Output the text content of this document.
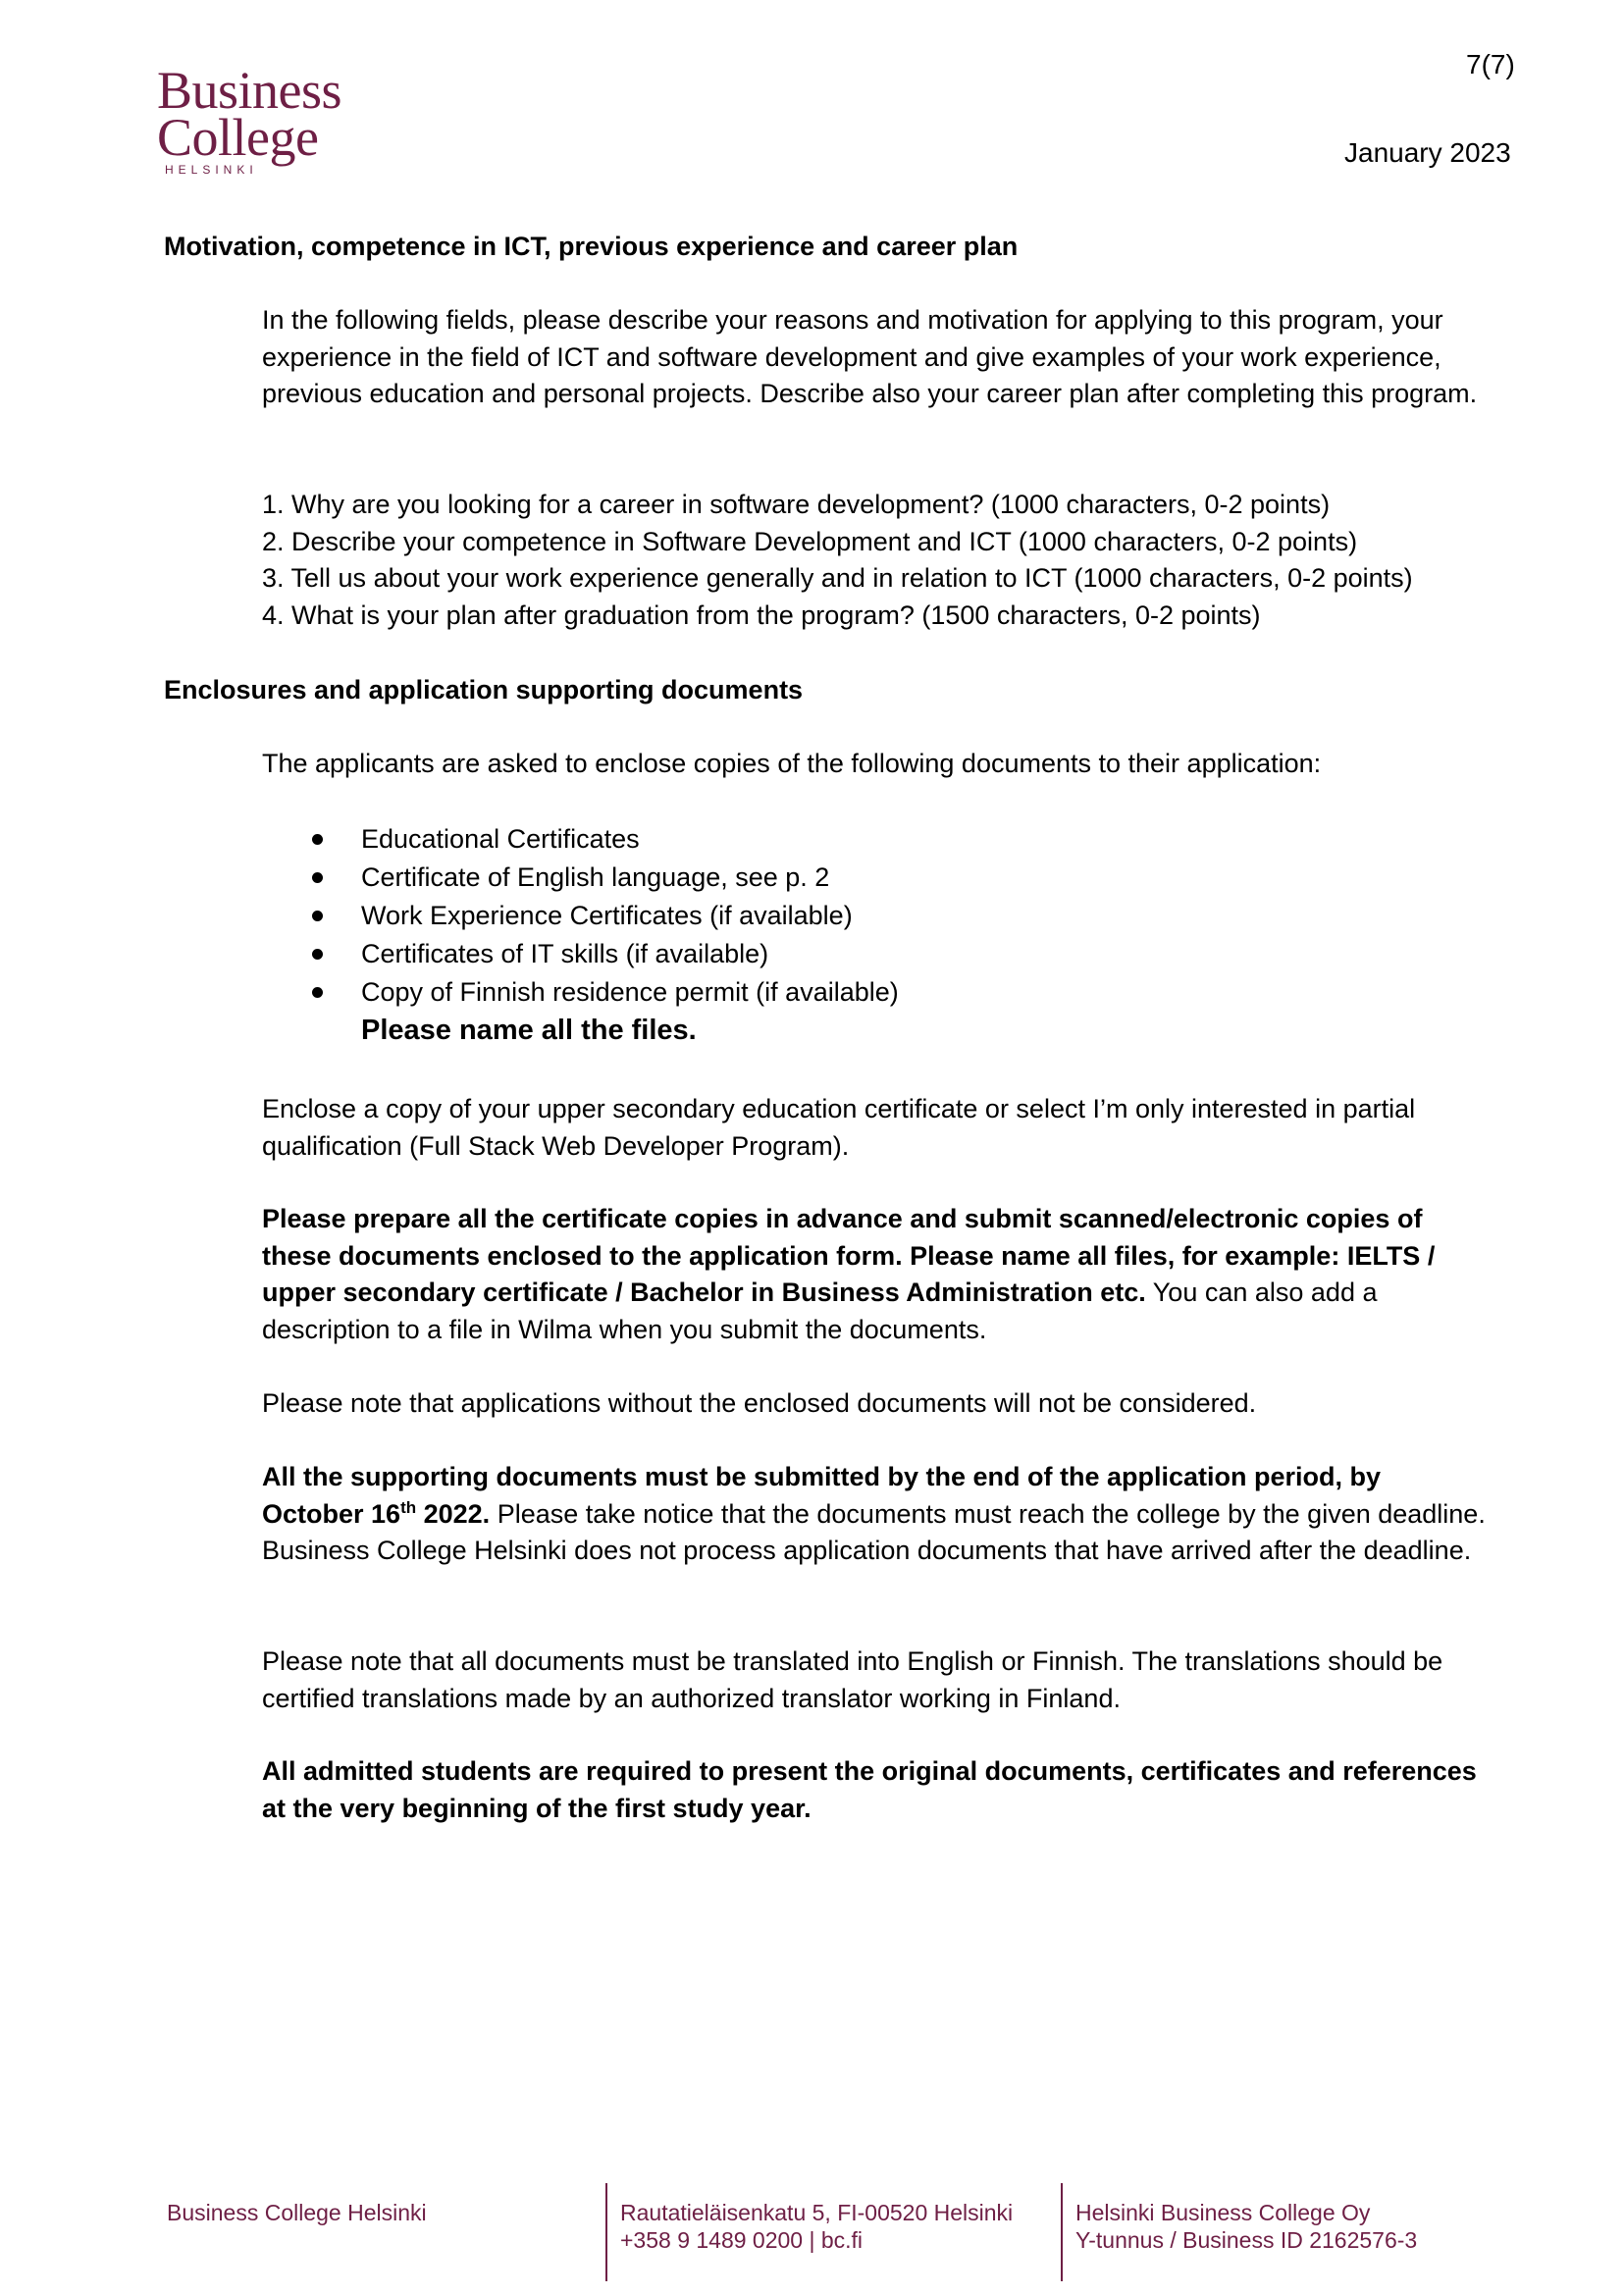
Business
College
HELSINKI
7(7)
January 2023
Motivation, competence in ICT, previous experience and career plan
In the following fields, please describe your reasons and motivation for applying to this program, your experience in the field of ICT and software development and give examples of your work experience, previous education and personal projects. Describe also your career plan after completing this program.
1. Why are you looking for a career in software development? (1000 characters, 0-2 points)
2. Describe your competence in Software Development and ICT (1000 characters, 0-2 points)
3. Tell us about your work experience generally and in relation to ICT (1000 characters, 0-2 points)
4. What is your plan after graduation from the program? (1500 characters, 0-2 points)
Enclosures and application supporting documents
The applicants are asked to enclose copies of the following documents to their application:
Educational Certificates
Certificate of English language, see p. 2
Work Experience Certificates (if available)
Certificates of IT skills (if available)
Copy of Finnish residence permit (if available)
Please name all the files.
Enclose a copy of your upper secondary education certificate or select I’m only interested in partial qualification (Full Stack Web Developer Program).
Please prepare all the certificate copies in advance and submit scanned/electronic copies of these documents enclosed to the application form. Please name all files, for example: IELTS / upper secondary certificate / Bachelor in Business Administration etc. You can also add a description to a file in Wilma when you submit the documents.
Please note that applications without the enclosed documents will not be considered.
All the supporting documents must be submitted by the end of the application period, by October 16th 2022. Please take notice that the documents must reach the college by the given deadline. Business College Helsinki does not process application documents that have arrived after the deadline.
Please note that all documents must be translated into English or Finnish. The translations should be certified translations made by an authorized translator working in Finland.
All admitted students are required to present the original documents, certificates and references at the very beginning of the first study year.
Business College Helsinki	Rautatieläisenkatu 5, FI-00520 Helsinki
+358 9 1489 0200 | bc.fi
Helsinki Business College Oy
Y-tunnus / Business ID 2162576-3
